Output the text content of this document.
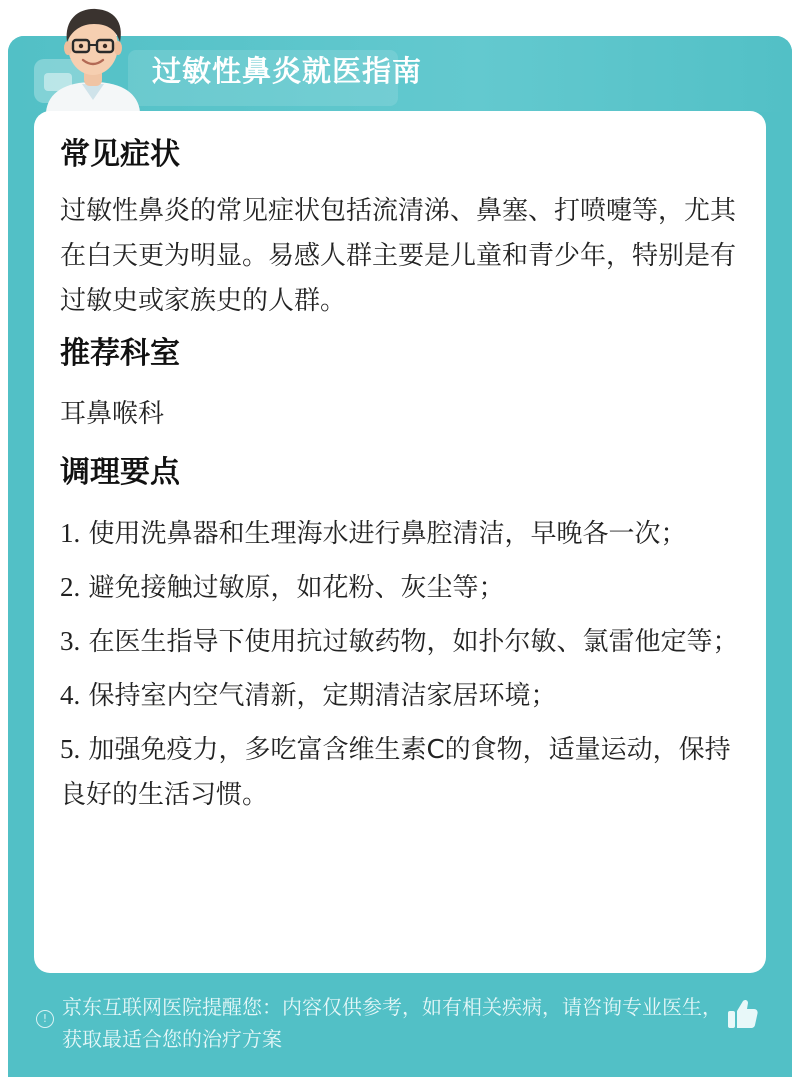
过敏性鼻炎就医指南
常见症状

过敏性鼻炎的常见症状包括流清涕、鼻塞、打喷嚏等，尤其在白天更为明显。易感人群主要是儿童和青少年，特别是有过敏史或家族史的人群。

推荐科室

耳鼻喉科

调理要点
1. 使用洗鼻器和生理海水进行鼻腔清洁，早晚各一次；
2. 避免接触过敏原，如花粉、灰尘等；
3. 在医生指导下使用抗过敏药物，如扑尔敏、氯雷他定等；
4. 保持室内空气清新，定期清洁家居环境；
5. 加强免疫力，多吃富含维生素C的食物，适量运动，保持良好的生活习惯。
! 京东互联网医院提醒您：内容仅供参考，如有相关疾病，请咨询专业医生，获取最适合您的治疗方案
